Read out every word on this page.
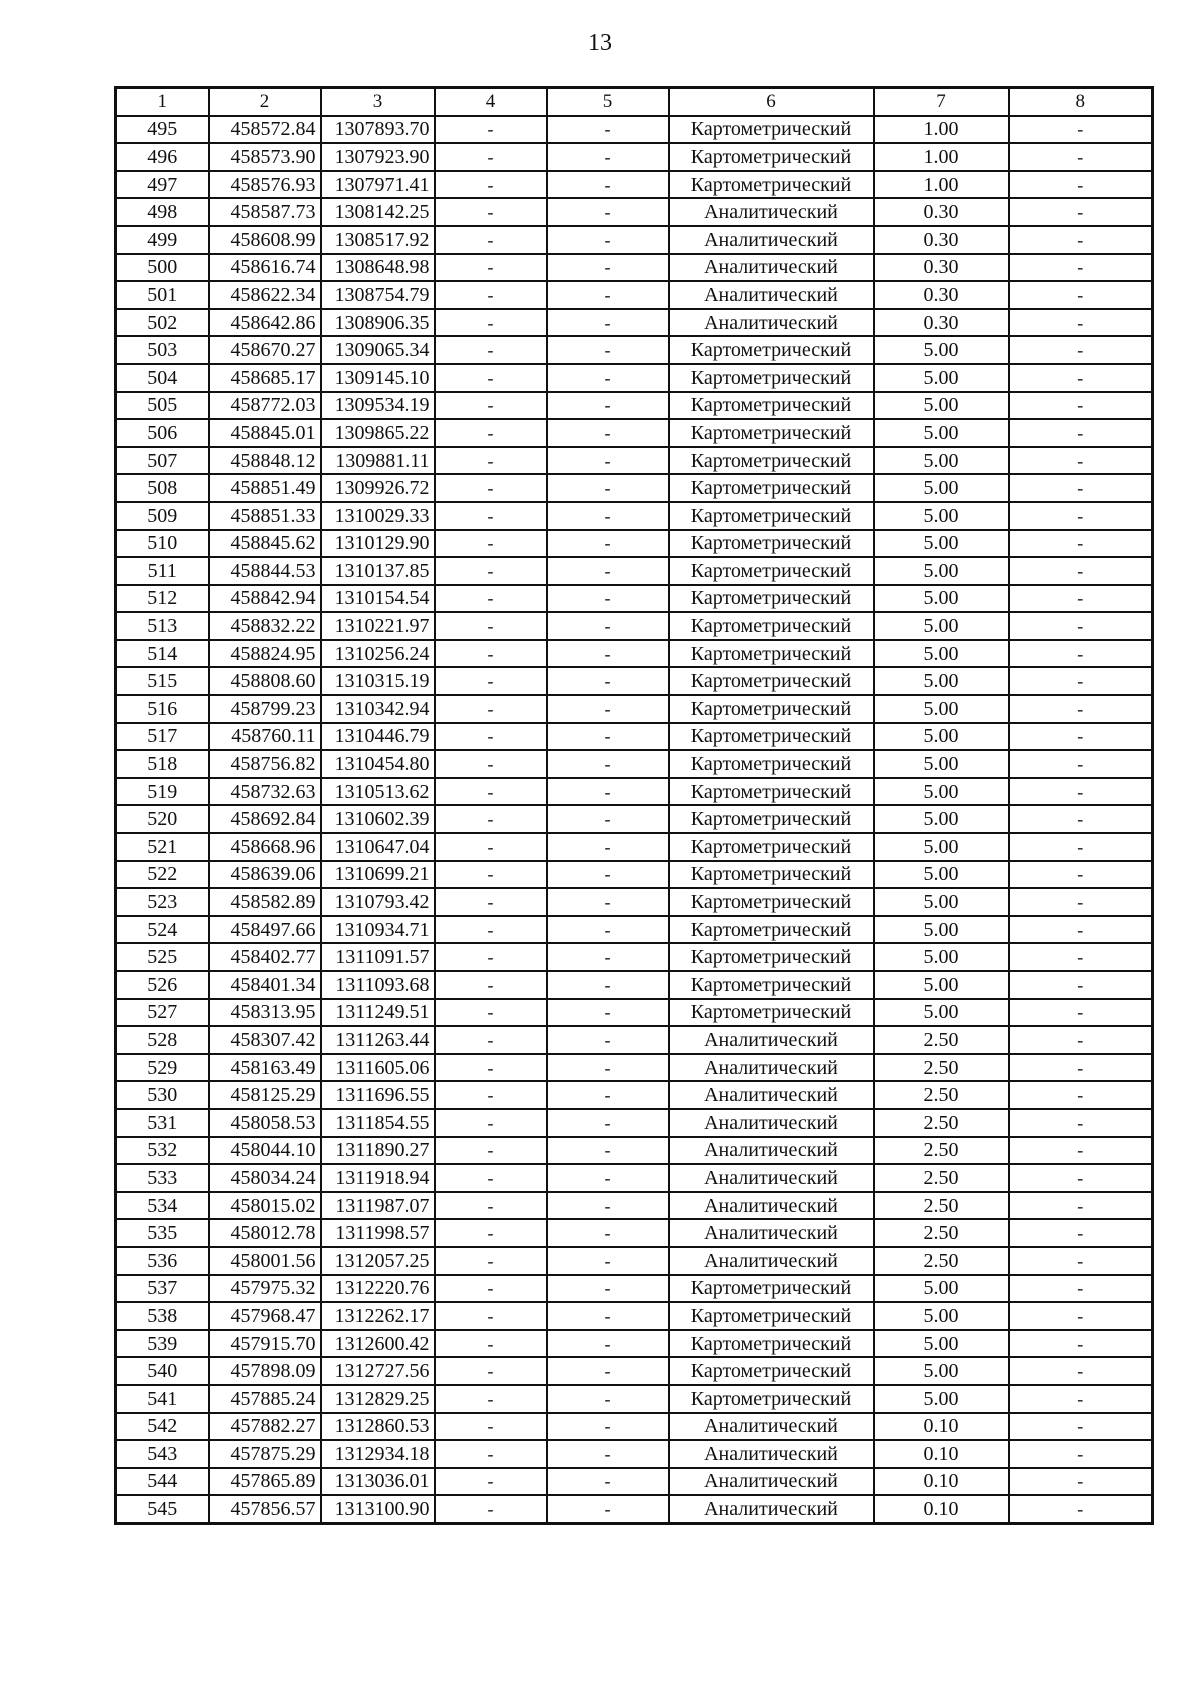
13
1	2	3	4	5	6	7	8
495	458572.84	1307893.70	-	-	Картометрический	1.00	-
496	458573.90	1307923.90	-	-	Картометрический	1.00	-
497	458576.93	1307971.41	-	-	Картометрический	1.00	-
498	458587.73	1308142.25	-	-	Аналитический	0.30	-
499	458608.99	1308517.92	-	-	Аналитический	0.30	-
500	458616.74	1308648.98	-	-	Аналитический	0.30	-
501	458622.34	1308754.79	-	-	Аналитический	0.30	-
502	458642.86	1308906.35	-	-	Аналитический	0.30	-
503	458670.27	1309065.34	-	-	Картометрический	5.00	-
504	458685.17	1309145.10	-	-	Картометрический	5.00	-
505	458772.03	1309534.19	-	-	Картометрический	5.00	-
506	458845.01	1309865.22	-	-	Картометрический	5.00	-
507	458848.12	1309881.11	-	-	Картометрический	5.00	-
508	458851.49	1309926.72	-	-	Картометрический	5.00	-
509	458851.33	1310029.33	-	-	Картометрический	5.00	-
510	458845.62	1310129.90	-	-	Картометрический	5.00	-
511	458844.53	1310137.85	-	-	Картометрический	5.00	-
512	458842.94	1310154.54	-	-	Картометрический	5.00	-
513	458832.22	1310221.97	-	-	Картометрический	5.00	-
514	458824.95	1310256.24	-	-	Картометрический	5.00	-
515	458808.60	1310315.19	-	-	Картометрический	5.00	-
516	458799.23	1310342.94	-	-	Картометрический	5.00	-
517	458760.11	1310446.79	-	-	Картометрический	5.00	-
518	458756.82	1310454.80	-	-	Картометрический	5.00	-
519	458732.63	1310513.62	-	-	Картометрический	5.00	-
520	458692.84	1310602.39	-	-	Картометрический	5.00	-
521	458668.96	1310647.04	-	-	Картометрический	5.00	-
522	458639.06	1310699.21	-	-	Картометрический	5.00	-
523	458582.89	1310793.42	-	-	Картометрический	5.00	-
524	458497.66	1310934.71	-	-	Картометрический	5.00	-
525	458402.77	1311091.57	-	-	Картометрический	5.00	-
526	458401.34	1311093.68	-	-	Картометрический	5.00	-
527	458313.95	1311249.51	-	-	Картометрический	5.00	-
528	458307.42	1311263.44	-	-	Аналитический	2.50	-
529	458163.49	1311605.06	-	-	Аналитический	2.50	-
530	458125.29	1311696.55	-	-	Аналитический	2.50	-
531	458058.53	1311854.55	-	-	Аналитический	2.50	-
532	458044.10	1311890.27	-	-	Аналитический	2.50	-
533	458034.24	1311918.94	-	-	Аналитический	2.50	-
534	458015.02	1311987.07	-	-	Аналитический	2.50	-
535	458012.78	1311998.57	-	-	Аналитический	2.50	-
536	458001.56	1312057.25	-	-	Аналитический	2.50	-
537	457975.32	1312220.76	-	-	Картометрический	5.00	-
538	457968.47	1312262.17	-	-	Картометрический	5.00	-
539	457915.70	1312600.42	-	-	Картометрический	5.00	-
540	457898.09	1312727.56	-	-	Картометрический	5.00	-
541	457885.24	1312829.25	-	-	Картометрический	5.00	-
542	457882.27	1312860.53	-	-	Аналитический	0.10	-
543	457875.29	1312934.18	-	-	Аналитический	0.10	-
544	457865.89	1313036.01	-	-	Аналитический	0.10	-
545	457856.57	1313100.90	-	-	Аналитический	0.10	-
